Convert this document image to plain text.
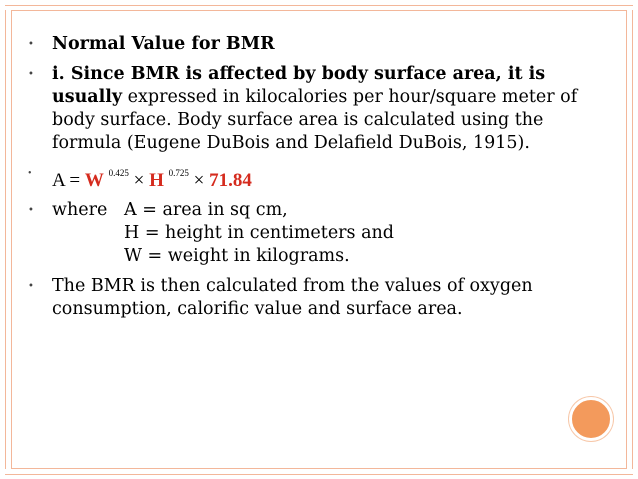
• Normal Value for BMR
• i. Since BMR is affected by body surface area, it is usually expressed in kilocalories per hour/square meter of body surface. Body surface area is calculated using the formula (Eugene DuBois and Delafield DuBois, 1915).
• A = W $^{0.425}$ × H $^{0.725}$ × 71.84
• where   A = area in sq cm,
H = height in centimeters and
W = weight in kilograms.
• The BMR is then calculated from the values of oxygen consumption, calorific value and surface area.
